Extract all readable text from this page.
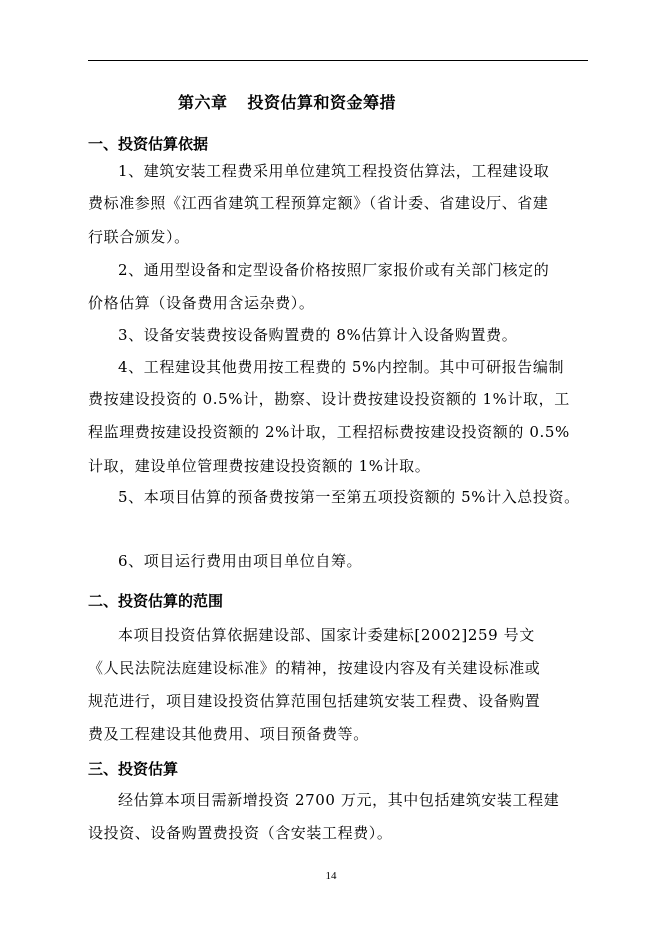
第六章 投资估算和资金筹措
一、投资估算依据
1、建筑安装工程费采用单位建筑工程投资估算法，工程建设取
费标准参照《江西省建筑工程预算定额》（省计委、省建设厅、省建
行联合颁发）。
2、通用型设备和定型设备价格按照厂家报价或有关部门核定的
价格估算（设备费用含运杂费）。
3、设备安装费按设备购置费的 8%估算计入设备购置费。
4、工程建设其他费用按工程费的 5%内控制。其中可研报告编制
费按建设投资的 0.5%计，勘察、设计费按建设投资额的 1%计取，工
程监理费按建设投资额的 2%计取，工程招标费按建设投资额的 0.5%
计取，建设单位管理费按建设投资额的 1%计取。
5、本项目估算的预备费按第一至第五项投资额的 5%计入总投资。
6、项目运行费用由项目单位自筹。
二、投资估算的范围
本项目投资估算依据建设部、国家计委建标[2002]259 号文
《人民法院法庭建设标准》的精神，按建设内容及有关建设标准或
规范进行，项目建设投资估算范围包括建筑安装工程费、设备购置
费及工程建设其他费用、项目预备费等。
三、投资估算
经估算本项目需新增投资 2700 万元，其中包括建筑安装工程建
设投资、设备购置费投资（含安装工程费）。
14
